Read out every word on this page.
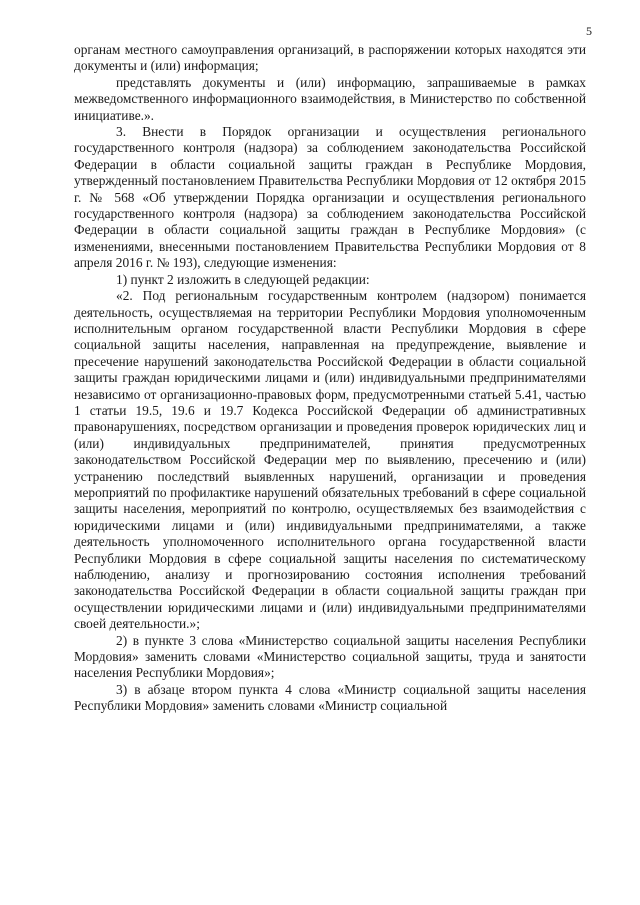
5

органам местного самоуправления организаций, в распоряжении которых находятся эти документы и (или) информация;

представлять документы и (или) информацию, запрашиваемые в рамках межведомственного информационного взаимодействия, в Министерство по собственной инициативе.».

3. Внести в Порядок организации и осуществления регионального государственного контроля (надзора) за соблюдением законодательства Российской Федерации в области социальной защиты граждан в Республике Мордовия, утвержденный постановлением Правительства Республики Мордовия от 12 октября 2015 г. № 568 «Об утверждении Порядка организации и осуществления регионального государственного контроля (надзора) за соблюдением законодательства Российской Федерации в области социальной защиты граждан в Республике Мордовия» (с изменениями, внесенными постановлением Правительства Республики Мордовия от 8 апреля 2016 г. № 193), следующие изменения:

1) пункт 2 изложить в следующей редакции:

«2. Под региональным государственным контролем (надзором) понимается деятельность, осуществляемая на территории Республики Мордовия уполномоченным исполнительным органом государственной власти Республики Мордовия в сфере социальной защиты населения, направленная на предупреждение, выявление и пресечение нарушений законодательства Российской Федерации в области социальной защиты граждан юридическими лицами и (или) индивидуальными предпринимателями независимо от организационно-правовых форм, предусмотренными статьей 5.41, частью 1 статьи 19.5, 19.6 и 19.7 Кодекса Российской Федерации об административных правонарушениях, посредством организации и проведения проверок юридических лиц и (или) индивидуальных предпринимателей, принятия предусмотренных законодательством Российской Федерации мер по выявлению, пресечению и (или) устранению последствий выявленных нарушений, организации и проведения мероприятий по профилактике нарушений обязательных требований в сфере социальной защиты населения, мероприятий по контролю, осуществляемых без взаимодействия с юридическими лицами и (или) индивидуальными предпринимателями, а также деятельность уполномоченного исполнительного органа государственной власти Республики Мордовия в сфере социальной защиты населения по систематическому наблюдению, анализу и прогнозированию состояния исполнения требований законодательства Российской Федерации в области социальной защиты граждан при осуществлении юридическими лицами и (или) индивидуальными предпринимателями своей деятельности.»;

2) в пункте 3 слова «Министерство социальной защиты населения Республики Мордовия» заменить словами «Министерство социальной защиты, труда и занятости населения Республики Мордовия»;

3) в абзаце втором пункта 4 слова «Министр социальной защиты населения Республики Мордовия» заменить словами «Министр социальной
